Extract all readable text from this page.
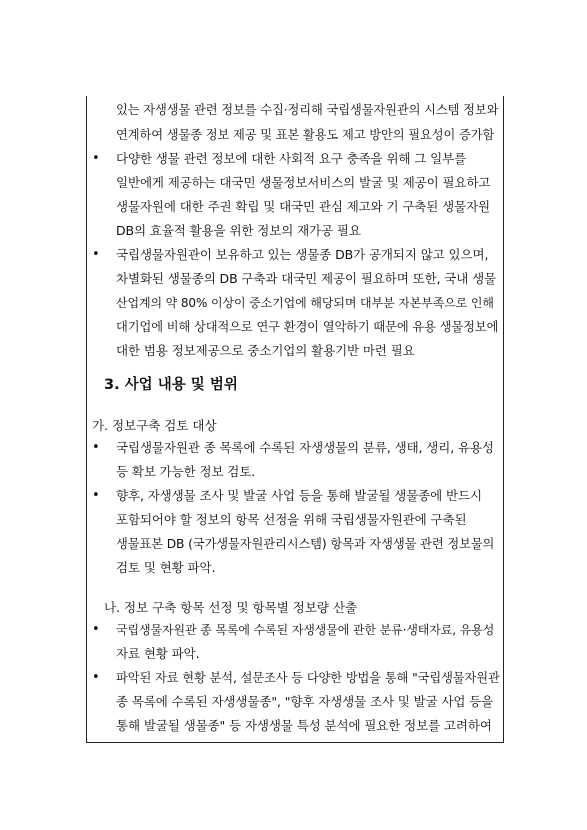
있는 자생생물 관련 정보를 수집·정리해 국립생물자원관의 시스템 정보와
연계하여 생물종 정보 제공 및 표본 활용도 제고 방안의 필요성이 증가함
• 다양한 생물 관련 정보에 대한 사회적 요구 충족을 위해 그 일부를
일반에게 제공하는 대국민 생물정보서비스의 발굴 및 제공이 필요하고
생물자원에 대한 주권 확립 및 대국민 관심 제고와 기 구축된 생물자원
DB의 효율적 활용을 위한 정보의 재가공 필요
• 국립생물자원관이 보유하고 있는 생물종 DB가 공개되지 않고 있으며,
차별화된 생물종의 DB 구축과 대국민 제공이 필요하며 또한, 국내 생물
산업계의 약 80% 이상이 중소기업에 해당되며 대부분 자본부족으로 인해
대기업에 비해 상대적으로 연구 환경이 열악하기 때문에 유용 생물정보에
대한 범용 정보제공으로 중소기업의 활용기반 마련 필요
3. 사업 내용 및 범위
가. 정보구축 검토 대상
• 국립생물자원관 종 목록에 수록된 자생생물의 분류, 생태, 생리, 유용성
등 확보 가능한 정보 검토.
• 향후, 자생생물 조사 및 발굴 사업 등을 통해 발굴될 생물종에 반드시
포함되어야 할 정보의 항목 선정을 위해 국립생물자원관에 구축된
생물표본 DB (국가생물자원관리시스템) 항목과 자생생물 관련 정보물의
검토 및 현황 파악.
나. 정보 구축 항목 선정 및 항목별 정보량 산출
• 국립생물자원관 종 목록에 수록된 자생생물에 관한 분류·생태자료, 유용성
자료 현황 파악.
• 파악된 자료 현황 분석, 설문조사 등 다양한 방법을 통해 "국립생물자원관
종 목록에 수록된 자생생물종", "향후 자생생물 조사 및 발굴 사업 등을
통해 발굴될 생물종" 등 자생생물 특성 분석에 필요한 정보를 고려하여
